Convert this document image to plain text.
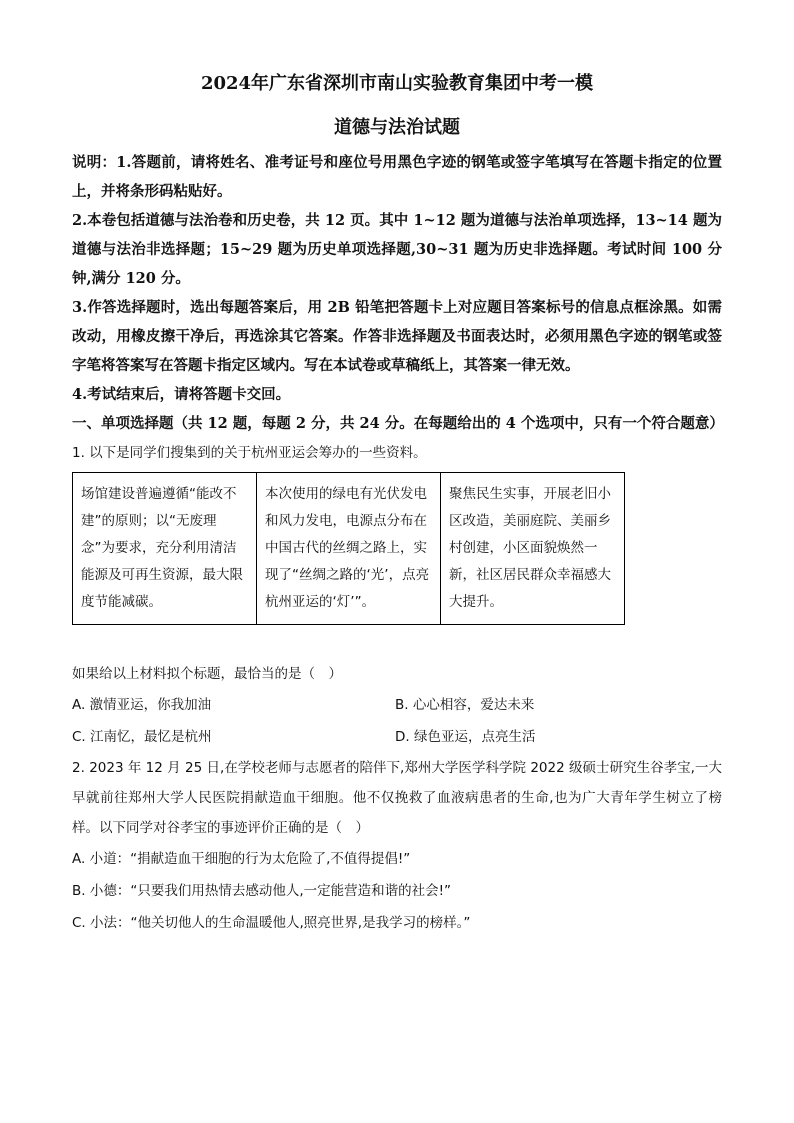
2024年广东省深圳市南山实验教育集团中考一模
道德与法治试题

说明：1.答题前，请将姓名、准考证号和座位号用黑色字迹的钢笔或签字笔填写在答题卡指定的位置上，并将条形码粘贴好。

2.本卷包括道德与法治卷和历史卷，共 12 页。其中 1~12 题为道德与法治单项选择，13~14 题为道德与法治非选择题；15~29 题为历史单项选择题,30~31 题为历史非选择题。考试时间 100 分钟,满分 120 分。

3.作答选择题时，选出每题答案后，用 2B 铅笔把答题卡上对应题目答案标号的信息点框涂黑。如需改动，用橡皮擦干净后，再选涂其它答案。作答非选择题及书面表达时，必须用黑色字迹的钢笔或签字笔将答案写在答题卡指定区域内。写在本试卷或草稿纸上，其答案一律无效。

4.考试结束后，请将答题卡交回。

一、单项选择题（共 12 题，每题 2 分，共 24 分。在每题给出的 4 个选项中，只有一个符合题意）

1. 以下是同学们搜集到的关于杭州亚运会筹办的一些资料。

场馆建设普遍遵循“能改不建”的原则；以“无废理念”为要求，充分利用清洁能源及可再生资源，最大限度节能减碳。	本次使用的绿电有光伏发电和风力发电，电源点分布在中国古代的丝绸之路上，实现了“丝绸之路的‘光’，点亮杭州亚运的‘灯’”。	聚焦民生实事，开展老旧小区改造，美丽庭院、美丽乡村创建，小区面貌焕然一新，社区居民群众幸福感大大提升。

如果给以上材料拟个标题，最恰当的是（　）

A. 激情亚运，你我加油	B. 心心相容，爱达未来
C. 江南忆，最忆是杭州	D. 绿色亚运，点亮生活

2. 2023 年 12 月 25 日,在学校老师与志愿者的陪伴下,郑州大学医学科学院 2022 级硕士研究生谷孝宝,一大早就前往郑州大学人民医院捐献造血干细胞。他不仅挽救了血液病患者的生命,也为广大青年学生树立了榜样。以下同学对谷孝宝的事迹评价正确的是（　）

A. 小道：“捐献造血干细胞的行为太危险了,不值得提倡!”
B. 小德：“只要我们用热情去感动他人,一定能营造和谐的社会!”
C. 小法：“他关切他人的生命温暖他人,照亮世界,是我学习的榜样。”
